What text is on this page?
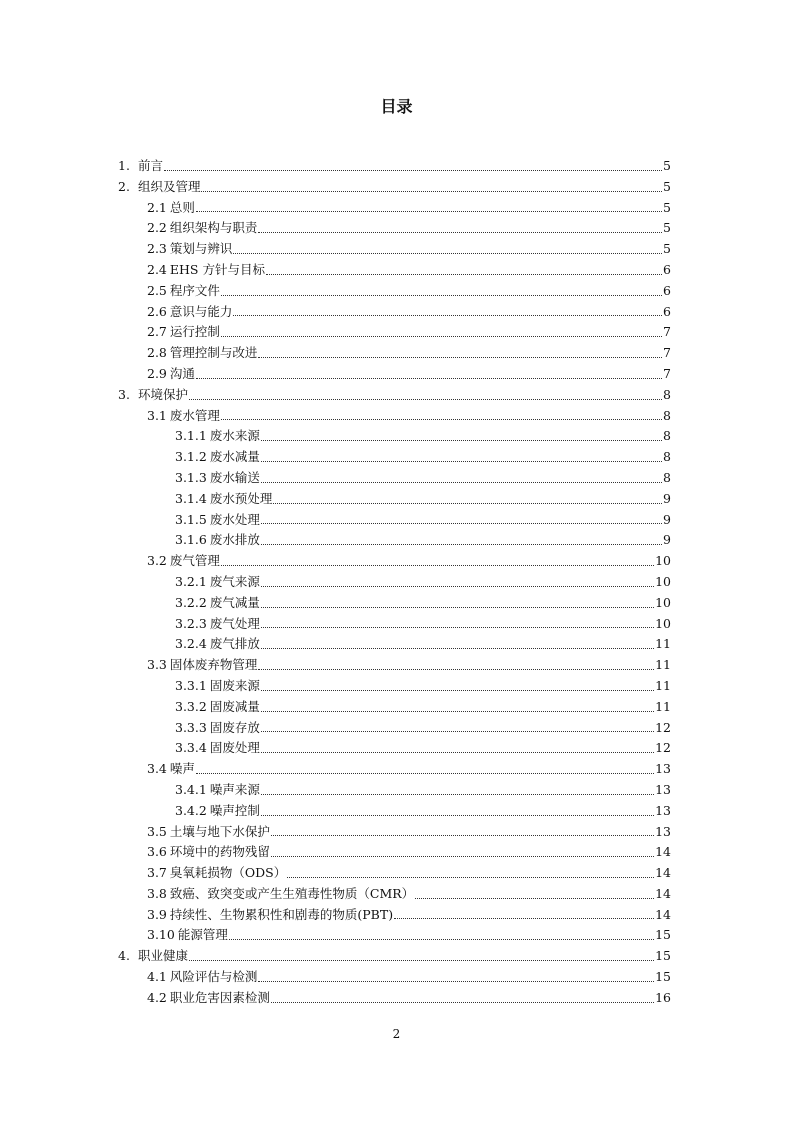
目录
1. 前言	5
2. 组织及管理	5
2.1 总则	5
2.2 组织架构与职责	5
2.3 策划与辨识	5
2.4 EHS 方针与目标	6
2.5 程序文件	6
2.6 意识与能力	6
2.7 运行控制	7
2.8 管理控制与改进	7
2.9 沟通	7
3. 环境保护	8
3.1 废水管理	8
3.1.1 废水来源	8
3.1.2 废水减量	8
3.1.3 废水输送	8
3.1.4 废水预处理	9
3.1.5 废水处理	9
3.1.6 废水排放	9
3.2 废气管理	10
3.2.1 废气来源	10
3.2.2 废气减量	10
3.2.3 废气处理	10
3.2.4 废气排放	11
3.3 固体废弃物管理	11
3.3.1 固废来源	11
3.3.2 固废减量	11
3.3.3 固废存放	12
3.3.4 固废处理	12
3.4 噪声	13
3.4.1 噪声来源	13
3.4.2 噪声控制	13
3.5 土壤与地下水保护	13
3.6 环境中的药物残留	14
3.7 臭氧耗损物（ODS）	14
3.8 致癌、致突变或产生生殖毒性物质（CMR）	14
3.9 持续性、生物累积性和剧毒的物质(PBT)	14
3.10 能源管理	15
4. 职业健康	15
4.1 风险评估与检测	15
4.2 职业危害因素检测	16
2
